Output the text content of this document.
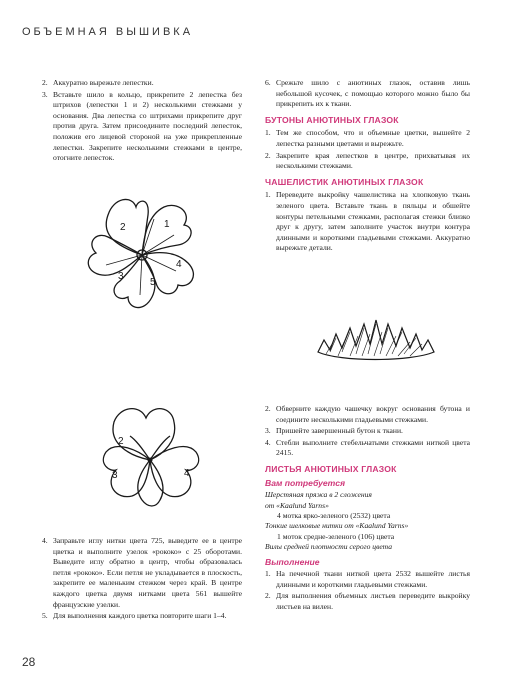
ОБЪЕМНАЯ ВЫШИВКА
2. Аккуратно вырежьте лепестки.
3. Вставьте шило в кольцо, прикрепите 2 лепестка без штрихов (лепестки 1 и 2) несколькими стежками у основания. Два лепестка со штрихами прикрепите друг против друга. Затем присоедините последний лепесток, положив его лицевой стороной на уже прикрепленные лепестки. Закрепите несколькими стежками в центре, отогните лепесток.
2	1
3
4
5
2
3	4
4. Заправьте иглу нитки цвета 725, выведите ее в центре цветка и выполните узелок «рококо» с 25 оборотами. Выведите иглу обратно в центр, чтобы образовалась петля «рококо». Если петля не укладывается в плоскость, закрепите ее маленьким стежком через край. В центре каждого цветка двумя нитками цвета 561 вышейте французские узелки.
5. Для выполнения каждого цветка повторите шаги 1–4.
6. Срежьте шило с анютиных глазок, оставив лишь небольшой кусочек, с помощью которого можно было бы прикрепить их к ткани.
БУТОНЫ АНЮТИНЫХ ГЛАЗОК
1. Тем же способом, что и объемные цветки, вышейте 2 лепестка разными цветами и вырежьте.
2. Закрепите края лепестков в центре, прихватывая их несколькими стежками.
ЧАШЕЛИСТИК АНЮТИНЫХ ГЛАЗОК
1. Переведите выкройку чашелистика на хлопковую ткань зеленого цвета. Вставьте ткань в пяльцы и обшейте контуры петельными стежками, располагая стежки близко друг к другу, затем заполните участок внутри контура длинными и короткими гладьевыми стежками. Аккуратно вырежьте детали.
2. Обверните каждую чашечку вокруг основания бутона и соедините несколькими гладьевыми стежками.
3. Пришейте завершенный бутон к ткани.
4. Стебли выполните стебельчатыми стежками ниткой цвета 2415.
ЛИСТЬЯ АНЮТИНЫХ ГЛАЗОК
Вам потребуется
Шерстяная пряжа в 2 сложения
от «Kaalund Yarns»
4 мотка ярко-зеленого (2532) цвета
Тонкие шелковые нитки от «Kaalund Yarns»
1 моток средне-зеленого (106) цвета
Вилы средней плотности серого цвета
Выполнение
1. На печечной ткани ниткой цвета 2532 вышейте листья длинными и короткими гладьевыми стежками.
2. Для выполнения объемных листьев переведите выкройку листьев на вилен.
28
